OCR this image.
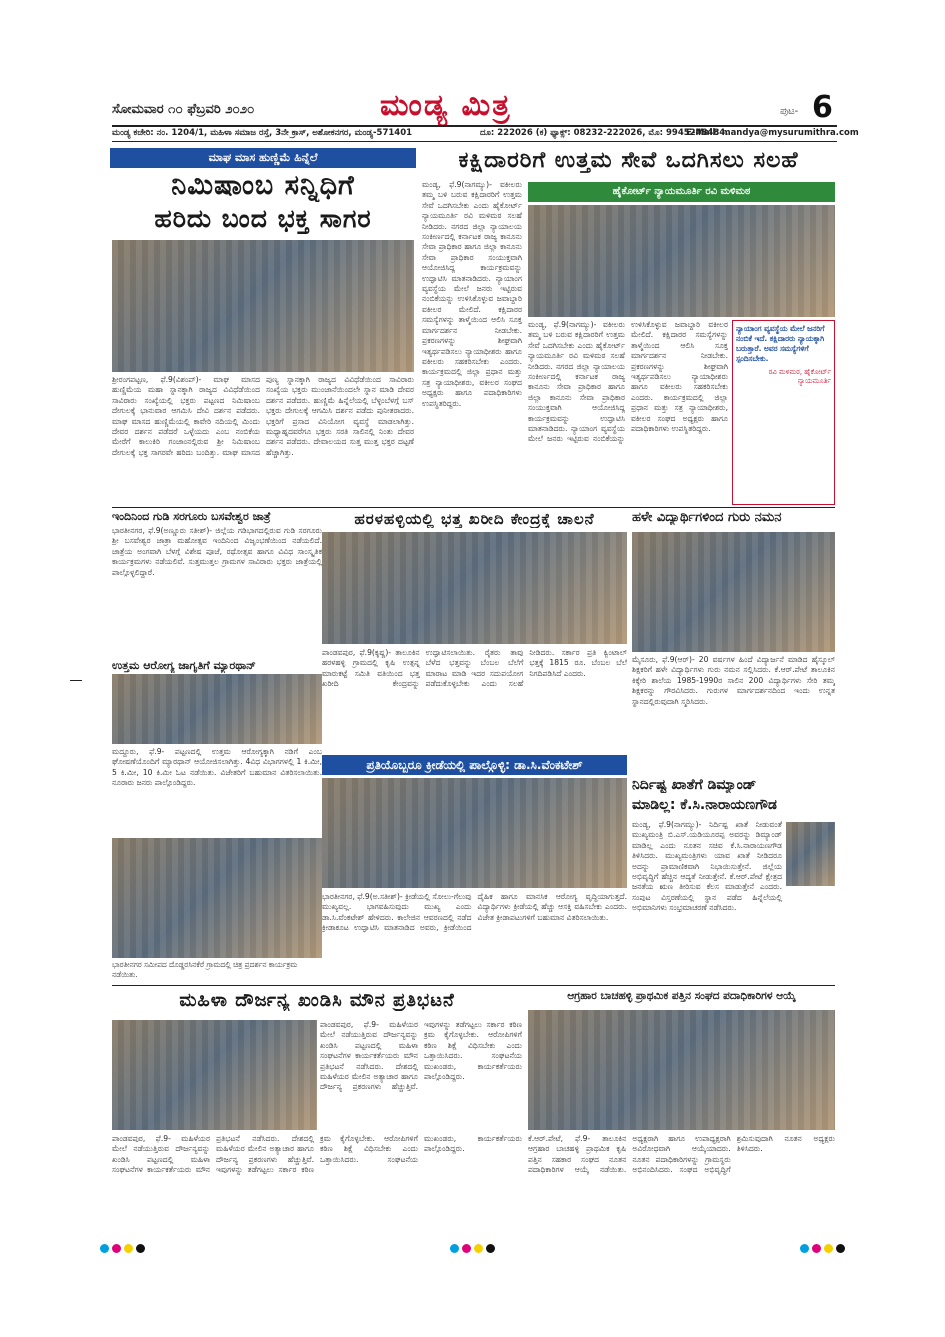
ಸೋಮವಾರ ೧೦ ಫೆಬ್ರವರಿ ೨೦೨೦	ಮಂಡ್ಯ ಮಿತ್ರ	ಪುಟ- 6
ಮಂಡ್ಯ ಕಚೇರಿ: ನಂ. 1204/1, ಮಹಿಳಾ ಸಮಾಜ ರಸ್ತೆ, 3ನೇ ಕ್ರಾಸ್, ಅಶೋಕನಗರ, ಮಂಡ್ಯ-571401	ದೂ: 222026 (ಕ) ಫ್ಯಾಕ್ಸ್: 08232-222026, ಮೊ: 9945248484.
E-Mail: mandya@mysurumithra.com
ಮಾಘ ಮಾಸ ಹುಣ್ಣಿಮೆ ಹಿನ್ನೆಲೆ
ನಿಮಿಷಾಂಬ ಸನ್ನಿಧಿಗೆ
ಹರಿದು ಬಂದ ಭಕ್ತ ಸಾಗರ
ಶ್ರೀರಂಗಪಟ್ಟಣ, ಫೆ.9(ವಿಶಂಪ್)- ಮಾಘ ಮಾಸದ ಹುಣ್ಣಿಮೆಯ ಮಹಾ ಸ್ನಾನಕ್ಕಾಗಿ ರಾಜ್ಯದ ವಿವಿಧೆಡೆಯಿಂದ ಸಾವಿರಾರು ಸಂಖ್ಯೆಯಲ್ಲಿ ಭಕ್ತರು ಪಟ್ಟಣದ ನಿಮಿಷಾಂಬ ದೇಗುಲಕ್ಕೆ ಭಾನುವಾರ ಆಗಮಿಸಿ ದೇವಿ ದರ್ಶನ ಪಡೆದರು. ಮಾಘ ಮಾಸದ ಹುಣ್ಣಿಮೆಯಲ್ಲಿ ಕಾವೇರಿ ನದಿಯಲ್ಲಿ ಮಿಂದು ದೇವರ ದರ್ಶನ ಪಡೆದರೆ ಒಳ್ಳೆಯದು ಎಂಬ ನಂಬಿಕೆಯ ಮೇರೆಗೆ ಕಾಲುಕಿರಿ ಗಂಜಾಂನಲ್ಲಿರುವ ಶ್ರೀ ನಿಮಿಷಾಂಬ ದೇಗುಲಕ್ಕೆ ಭಕ್ತ ಸಾಗರವೇ ಹರಿದು ಬಂದಿತ್ತು. ಮಾಘ ಮಾಸದ ಪುಣ್ಯ ಸ್ನಾನಕ್ಕಾಗಿ ರಾಜ್ಯದ ವಿವಿಧೆಡೆಯಿಂದ ಸಾವಿರಾರು ಸಂಖ್ಯೆಯ ಭಕ್ತರು ಮುಂಜಾನೆಯಿಂದಲೇ ಸ್ನಾನ ಮಾಡಿ ದೇವರ ದರ್ಶನ ಪಡೆದರು. ಹುಣ್ಣಿಮೆ ಹಿನ್ನೆಲೆಯಲ್ಲಿ ಬೆಳ್ಳಂಬೆಳಗ್ಗೆ ಬಸ್ ಭಕ್ತರು ದೇಗುಲಕ್ಕೆ ಆಗಮಿಸಿ ದರ್ಶನ ಪಡೆದು ಪುನೀತರಾದರು. ಭಕ್ತರಿಗೆ ಪ್ರಸಾದ ವಿನಿಯೋಗ ವ್ಯವಸ್ಥೆ ಮಾಡಲಾಗಿತ್ತು. ಮಧ್ಯಾಹ್ನದವರೆಗೂ ಭಕ್ತರು ಸರತಿ ಸಾಲಿನಲ್ಲಿ ನಿಂತು ದೇವರ ದರ್ಶನ ಪಡೆದರು. ದೇವಾಲಯದ ಸುತ್ತ ಮುತ್ತ ಭಕ್ತರ ದಟ್ಟಣೆ ಹೆಚ್ಚಾಗಿತ್ತು.
ಕಕ್ಷಿದಾರರಿಗೆ ಉತ್ತಮ ಸೇವೆ ಒದಗಿಸಲು ಸಲಹೆ
ಮಂಡ್ಯ, ಫೆ.9(ನಾಗಮ್ಯು)- ವಕೀಲರು ತಮ್ಮ ಬಳಿ ಬರುವ ಕಕ್ಷಿದಾರರಿಗೆ ಉತ್ತಮ ಸೇವೆ ಒದಗಿಸಬೇಕು ಎಂದು ಹೈಕೋರ್ಟ್ ನ್ಯಾಯಮೂರ್ತಿ ರವಿ ಮಳಿಮಠ ಸಲಹೆ ನೀಡಿದರು. ನಗರದ ಜಿಲ್ಲಾ ನ್ಯಾಯಾಲಯ ಸಂಕೀರ್ಣದಲ್ಲಿ ಕರ್ನಾಟಕ ರಾಜ್ಯ ಕಾನೂನು ಸೇವಾ ಪ್ರಾಧಿಕಾರ ಹಾಗೂ ಜಿಲ್ಲಾ ಕಾನೂನು ಸೇವಾ ಪ್ರಾಧಿಕಾರ ಸಂಯುಕ್ತವಾಗಿ ಆಯೋಜಿಸಿದ್ದ ಕಾರ್ಯಕ್ರಮವನ್ನು ಉದ್ಘಾಟಿಸಿ ಮಾತನಾಡಿದರು. ನ್ಯಾಯಾಂಗ ವ್ಯವಸ್ಥೆಯ ಮೇಲೆ ಜನರು ಇಟ್ಟಿರುವ ನಂಬಿಕೆಯನ್ನು ಉಳಿಸಿಕೊಳ್ಳುವ ಜವಾಬ್ದಾರಿ ವಕೀಲರ ಮೇಲಿದೆ. ಕಕ್ಷಿದಾರರ ಸಮಸ್ಯೆಗಳನ್ನು ತಾಳ್ಮೆಯಿಂದ ಆಲಿಸಿ ಸೂಕ್ತ ಮಾರ್ಗದರ್ಶನ ನೀಡಬೇಕು. ಪ್ರಕರಣಗಳನ್ನು ಶೀಘ್ರವಾಗಿ ಇತ್ಯರ್ಥಪಡಿಸಲು ನ್ಯಾಯಾಧೀಶರು ಹಾಗೂ ವಕೀಲರು ಸಹಕರಿಸಬೇಕು ಎಂದರು. ಕಾರ್ಯಕ್ರಮದಲ್ಲಿ ಜಿಲ್ಲಾ ಪ್ರಧಾನ ಮತ್ತು ಸತ್ರ ನ್ಯಾಯಾಧೀಶರು, ವಕೀಲರ ಸಂಘದ ಅಧ್ಯಕ್ಷರು ಹಾಗೂ ಪದಾಧಿಕಾರಿಗಳು ಉಪಸ್ಥಿತರಿದ್ದರು.
ಹೈಕೋರ್ಟ್ ನ್ಯಾಯಮೂರ್ತಿ ರವಿ ಮಳಿಮಠ
ಮಂಡ್ಯ, ಫೆ.9(ನಾಗಮ್ಯು)- ವಕೀಲರು ತಮ್ಮ ಬಳಿ ಬರುವ ಕಕ್ಷಿದಾರರಿಗೆ ಉತ್ತಮ ಸೇವೆ ಒದಗಿಸಬೇಕು ಎಂದು ಹೈಕೋರ್ಟ್ ನ್ಯಾಯಮೂರ್ತಿ ರವಿ ಮಳಿಮಠ ಸಲಹೆ ನೀಡಿದರು. ನಗರದ ಜಿಲ್ಲಾ ನ್ಯಾಯಾಲಯ ಸಂಕೀರ್ಣದಲ್ಲಿ ಕರ್ನಾಟಕ ರಾಜ್ಯ ಕಾನೂನು ಸೇವಾ ಪ್ರಾಧಿಕಾರ ಹಾಗೂ ಜಿಲ್ಲಾ ಕಾನೂನು ಸೇವಾ ಪ್ರಾಧಿಕಾರ ಸಂಯುಕ್ತವಾಗಿ ಆಯೋಜಿಸಿದ್ದ ಕಾರ್ಯಕ್ರಮವನ್ನು ಉದ್ಘಾಟಿಸಿ ಮಾತನಾಡಿದರು. ನ್ಯಾಯಾಂಗ ವ್ಯವಸ್ಥೆಯ ಮೇಲೆ ಜನರು ಇಟ್ಟಿರುವ ನಂಬಿಕೆಯನ್ನು ಉಳಿಸಿಕೊಳ್ಳುವ ಜವಾಬ್ದಾರಿ ವಕೀಲರ ಮೇಲಿದೆ. ಕಕ್ಷಿದಾರರ ಸಮಸ್ಯೆಗಳನ್ನು ತಾಳ್ಮೆಯಿಂದ ಆಲಿಸಿ ಸೂಕ್ತ ಮಾರ್ಗದರ್ಶನ ನೀಡಬೇಕು. ಪ್ರಕರಣಗಳನ್ನು ಶೀಘ್ರವಾಗಿ ಇತ್ಯರ್ಥಪಡಿಸಲು ನ್ಯಾಯಾಧೀಶರು ಹಾಗೂ ವಕೀಲರು ಸಹಕರಿಸಬೇಕು ಎಂದರು. ಕಾರ್ಯಕ್ರಮದಲ್ಲಿ ಜಿಲ್ಲಾ ಪ್ರಧಾನ ಮತ್ತು ಸತ್ರ ನ್ಯಾಯಾಧೀಶರು, ವಕೀಲರ ಸಂಘದ ಅಧ್ಯಕ್ಷರು ಹಾಗೂ ಪದಾಧಿಕಾರಿಗಳು ಉಪಸ್ಥಿತರಿದ್ದರು.
ನ್ಯಾಯಾಂಗ ವ್ಯವಸ್ಥೆಯ ಮೇಲೆ ಜನರಿಗೆ ನಂಬಿಕೆ ಇದೆ. ಕಕ್ಷಿದಾರರು ನ್ಯಾಯಕ್ಕಾಗಿ ಬರುತ್ತಾರೆ. ಅವರ ಸಮಸ್ಯೆಗಳಿಗೆ ಸ್ಪಂದಿಸಬೇಕು.
ರವಿ ಮಳಿಮಠ, ಹೈಕೋರ್ಟ್ ನ್ಯಾಯಮೂರ್ತಿ
ಇಂದಿನಿಂದ ಗುಡಿ ಸರಗೂರು ಬಸವೇಶ್ವರ ಜಾತ್ರೆ
ಭಾರತೀನಗರ, ಫೆ.9(ಅಣ್ಣೂರು ಸತೀಶ್)- ಜಿಲ್ಲೆಯ ಗಡಿಭಾಗದಲ್ಲಿರುವ ಗುಡಿ ಸರಗೂರು ಶ್ರೀ ಬಸವೇಶ್ವರ ಜಾತ್ರಾ ಮಹೋತ್ಸವ ಇಂದಿನಿಂದ ವಿಜೃಂಭಣೆಯಿಂದ ನಡೆಯಲಿದೆ. ಜಾತ್ರೆಯ ಅಂಗವಾಗಿ ಬೆಳಗ್ಗೆ ವಿಶೇಷ ಪೂಜೆ, ರಥೋತ್ಸವ ಹಾಗೂ ವಿವಿಧ ಸಾಂಸ್ಕೃತಿಕ ಕಾರ್ಯಕ್ರಮಗಳು ನಡೆಯಲಿವೆ. ಸುತ್ತಮುತ್ತಲ ಗ್ರಾಮಗಳ ಸಾವಿರಾರು ಭಕ್ತರು ಜಾತ್ರೆಯಲ್ಲಿ ಪಾಲ್ಗೊಳ್ಳಲಿದ್ದಾರೆ.
ಹರಳಹಳ್ಳಿಯಲ್ಲಿ ಭತ್ತ ಖರೀದಿ ಕೇಂದ್ರಕ್ಕೆ ಚಾಲನೆ
ಪಾಂಡವಪುರ, ಫೆ.9(ಕೃಷ್ಣ)- ತಾಲೂಕಿನ ಹರಳಹಳ್ಳಿ ಗ್ರಾಮದಲ್ಲಿ ಕೃಷಿ ಉತ್ಪನ್ನ ಮಾರುಕಟ್ಟೆ ಸಮಿತಿ ವತಿಯಿಂದ ಭತ್ತ ಖರೀದಿ ಕೇಂದ್ರವನ್ನು ಉದ್ಘಾಟಿಸಲಾಯಿತು. ರೈತರು ತಾವು ಬೆಳೆದ ಭತ್ತವನ್ನು ಬೆಂಬಲ ಬೆಲೆಗೆ ಮಾರಾಟ ಮಾಡಿ ಇದರ ಸದುಪಯೋಗ ಪಡೆದುಕೊಳ್ಳಬೇಕು ಎಂದು ಸಲಹೆ ನೀಡಿದರು. ಸರ್ಕಾರ ಪ್ರತಿ ಕ್ವಿಂಟಾಲ್ ಭತ್ತಕ್ಕೆ 1815 ರೂ. ಬೆಂಬಲ ಬೆಲೆ ನಿಗದಿಪಡಿಸಿದೆ ಎಂದರು.
ಹಳೇ ವಿದ್ಯಾರ್ಥಿಗಳಿಂದ ಗುರು ನಮನ
ಮೈಸೂರು, ಫೆ.9(ಆರ್)- 20 ವರ್ಷಗಳ ಹಿಂದೆ ವಿದ್ಯಾರ್ಜನೆ ಮಾಡಿದ ಹೈಸ್ಕೂಲ್ ಶಿಕ್ಷಕರಿಗೆ ಹಳೇ ವಿದ್ಯಾರ್ಥಿಗಳು ಗುರು ನಮನ ಸಲ್ಲಿಸಿದರು. ಕೆ.ಆರ್.ಪೇಟೆ ತಾಲೂಕಿನ ಕಿಕ್ಕೇರಿ ಶಾಲೆಯ 1985-1990ರ ಸಾಲಿನ 200 ವಿದ್ಯಾರ್ಥಿಗಳು ಸೇರಿ ತಮ್ಮ ಶಿಕ್ಷಕರನ್ನು ಗೌರವಿಸಿದರು. ಗುರುಗಳ ಮಾರ್ಗದರ್ಶನದಿಂದ ಇಂದು ಉನ್ನತ ಸ್ಥಾನದಲ್ಲಿರುವುದಾಗಿ ಸ್ಮರಿಸಿದರು.
ಉತ್ತಮ ಆರೋಗ್ಯ ಜಾಗೃತಿಗೆ ಮ್ಯಾರಥಾನ್
ಮದ್ದೂರು, ಫೆ.9- ಪಟ್ಟಣದಲ್ಲಿ ಉತ್ತಮ ಆರೋಗ್ಯಕ್ಕಾಗಿ ನಡಿಗೆ ಎಂಬ ಘೋಷಣೆಯೊಂದಿಗೆ ಮ್ಯಾರಥಾನ್ ಆಯೋಜಿಸಲಾಗಿತ್ತು. 4ವಿಧ ವಿಭಾಗಗಳಲ್ಲಿ 1 ಕಿ.ಮೀ, 5 ಕಿ.ಮೀ, 10 ಕಿ.ಮೀ ಓಟ ನಡೆಯಿತು. ವಿಜೇತರಿಗೆ ಬಹುಮಾನ ವಿತರಿಸಲಾಯಿತು. ನೂರಾರು ಜನರು ಪಾಲ್ಗೊಂಡಿದ್ದರು.
ಭಾರತೀನಗರ ಸಮೀಪದ ದೊಡ್ಡರಸಿನಕೆರೆ ಗ್ರಾಮದಲ್ಲಿ ಚಿತ್ರ ಪ್ರದರ್ಶನ ಕಾರ್ಯಕ್ರಮ ನಡೆಯಿತು.
ಪ್ರತಿಯೊಬ್ಬರೂ ಕ್ರೀಡೆಯಲ್ಲಿ ಪಾಲ್ಗೊಳ್ಳಿ: ಡಾ.ಸಿ.ವೆಂಕಟೇಶ್
ಭಾರತೀನಗರ, ಫೆ.9(ಅ.ಸತೀಶ್)- ಕ್ರೀಡೆಯಲ್ಲಿ ಸೋಲು-ಗೆಲುವು ಮುಖ್ಯವಲ್ಲ. ಭಾಗವಹಿಸುವುದು ಮುಖ್ಯ ಎಂದು ಡಾ.ಸಿ.ವೆಂಕಟೇಶ್ ಹೇಳಿದರು. ಕಾಲೇಜಿನ ಆವರಣದಲ್ಲಿ ನಡೆದ ಕ್ರೀಡಾಕೂಟ ಉದ್ಘಾಟಿಸಿ ಮಾತನಾಡಿದ ಅವರು, ಕ್ರೀಡೆಯಿಂದ ದೈಹಿಕ ಹಾಗೂ ಮಾನಸಿಕ ಆರೋಗ್ಯ ವೃದ್ಧಿಯಾಗುತ್ತದೆ. ವಿದ್ಯಾರ್ಥಿಗಳು ಕ್ರೀಡೆಯಲ್ಲಿ ಹೆಚ್ಚು ಆಸಕ್ತಿ ವಹಿಸಬೇಕು ಎಂದರು. ವಿಜೇತ ಕ್ರೀಡಾಪಟುಗಳಿಗೆ ಬಹುಮಾನ ವಿತರಿಸಲಾಯಿತು.
ನಿರ್ದಿಷ್ಟ ಖಾತೆಗೆ ಡಿಮ್ಯಾಂಡ್
ಮಾಡಿಲ್ಲ: ಕೆ.ಸಿ.ನಾರಾಯಣಗೌಡ
ಮಂಡ್ಯ, ಫೆ.9(ನಾಗಮ್ಯು)- ನಿರ್ದಿಷ್ಟ ಖಾತೆ ನೀಡುವಂತೆ ಮುಖ್ಯಮಂತ್ರಿ ಬಿ.ಎಸ್.ಯಡಿಯೂರಪ್ಪ ಅವರನ್ನು ಡಿಮ್ಯಾಂಡ್ ಮಾಡಿಲ್ಲ ಎಂದು ನೂತನ ಸಚಿವ ಕೆ.ಸಿ.ನಾರಾಯಣಗೌಡ ತಿಳಿಸಿದರು. ಮುಖ್ಯಮಂತ್ರಿಗಳು ಯಾವ ಖಾತೆ ನೀಡಿದರೂ ಅದನ್ನು ಪ್ರಾಮಾಣಿಕವಾಗಿ ನಿಭಾಯಿಸುತ್ತೇನೆ. ಜಿಲ್ಲೆಯ ಅಭಿವೃದ್ಧಿಗೆ ಹೆಚ್ಚಿನ ಆದ್ಯತೆ ನೀಡುತ್ತೇನೆ. ಕೆ.ಆರ್.ಪೇಟೆ ಕ್ಷೇತ್ರದ ಜನತೆಯ ಋಣ ತೀರಿಸುವ ಕೆಲಸ ಮಾಡುತ್ತೇನೆ ಎಂದರು. ಸಂಪುಟ ವಿಸ್ತರಣೆಯಲ್ಲಿ ಸ್ಥಾನ ಪಡೆದ ಹಿನ್ನೆಲೆಯಲ್ಲಿ ಅಭಿಮಾನಿಗಳು ಸಂಭ್ರಮಾಚರಣೆ ನಡೆಸಿದರು.
ಮಹಿಳಾ ದೌರ್ಜನ್ಯ ಖಂಡಿಸಿ ಮೌನ ಪ್ರತಿಭಟನೆ
ಪಾಂಡವಪುರ, ಫೆ.9- ಮಹಿಳೆಯರ ಮೇಲೆ ನಡೆಯುತ್ತಿರುವ ದೌರ್ಜನ್ಯವನ್ನು ಖಂಡಿಸಿ ಪಟ್ಟಣದಲ್ಲಿ ಮಹಿಳಾ ಸಂಘಟನೆಗಳ ಕಾರ್ಯಕರ್ತೆಯರು ಮೌನ ಪ್ರತಿಭಟನೆ ನಡೆಸಿದರು. ದೇಶದಲ್ಲಿ ಮಹಿಳೆಯರ ಮೇಲಿನ ಅತ್ಯಾಚಾರ ಹಾಗೂ ದೌರ್ಜನ್ಯ ಪ್ರಕರಣಗಳು ಹೆಚ್ಚುತ್ತಿವೆ. ಇವುಗಳನ್ನು ತಡೆಗಟ್ಟಲು ಸರ್ಕಾರ ಕಠಿಣ ಕ್ರಮ ಕೈಗೊಳ್ಳಬೇಕು. ಆರೋಪಿಗಳಿಗೆ ಕಠಿಣ ಶಿಕ್ಷೆ ವಿಧಿಸಬೇಕು ಎಂದು ಒತ್ತಾಯಿಸಿದರು. ಸಂಘಟನೆಯ ಮುಖಂಡರು, ಕಾರ್ಯಕರ್ತೆಯರು ಪಾಲ್ಗೊಂಡಿದ್ದರು.
ಪಾಂಡವಪುರ, ಫೆ.9- ಮಹಿಳೆಯರ ಮೇಲೆ ನಡೆಯುತ್ತಿರುವ ದೌರ್ಜನ್ಯವನ್ನು ಖಂಡಿಸಿ ಪಟ್ಟಣದಲ್ಲಿ ಮಹಿಳಾ ಸಂಘಟನೆಗಳ ಕಾರ್ಯಕರ್ತೆಯರು ಮೌನ ಪ್ರತಿಭಟನೆ ನಡೆಸಿದರು. ದೇಶದಲ್ಲಿ ಮಹಿಳೆಯರ ಮೇಲಿನ ಅತ್ಯಾಚಾರ ಹಾಗೂ ದೌರ್ಜನ್ಯ ಪ್ರಕರಣಗಳು ಹೆಚ್ಚುತ್ತಿವೆ. ಇವುಗಳನ್ನು ತಡೆಗಟ್ಟಲು ಸರ್ಕಾರ ಕಠಿಣ ಕ್ರಮ ಕೈಗೊಳ್ಳಬೇಕು. ಆರೋಪಿಗಳಿಗೆ ಕಠಿಣ ಶಿಕ್ಷೆ ವಿಧಿಸಬೇಕು ಎಂದು ಒತ್ತಾಯಿಸಿದರು. ಸಂಘಟನೆಯ ಮುಖಂಡರು, ಕಾರ್ಯಕರ್ತೆಯರು ಪಾಲ್ಗೊಂಡಿದ್ದರು.
ಆಗ್ರಹಾರ ಬಾಚಹಳ್ಳಿ ಪ್ರಾಥಮಿಕ ಪತ್ತಿನ ಸಂಘದ ಪದಾಧಿಕಾರಿಗಳ ಆಯ್ಕೆ
ಕೆ.ಆರ್.ಪೇಟೆ, ಫೆ.9- ತಾಲೂಕಿನ ಆಗ್ರಹಾರ ಬಾಚಹಳ್ಳಿ ಪ್ರಾಥಮಿಕ ಕೃಷಿ ಪತ್ತಿನ ಸಹಕಾರ ಸಂಘದ ನೂತನ ಪದಾಧಿಕಾರಿಗಳ ಆಯ್ಕೆ ನಡೆಯಿತು. ಅಧ್ಯಕ್ಷರಾಗಿ ಹಾಗೂ ಉಪಾಧ್ಯಕ್ಷರಾಗಿ ಅವಿರೋಧವಾಗಿ ಆಯ್ಕೆಯಾದರು. ನೂತನ ಪದಾಧಿಕಾರಿಗಳನ್ನು ಗ್ರಾಮಸ್ಥರು ಅಭಿನಂದಿಸಿದರು. ಸಂಘದ ಅಭಿವೃದ್ಧಿಗೆ ಶ್ರಮಿಸುವುದಾಗಿ ನೂತನ ಅಧ್ಯಕ್ಷರು ತಿಳಿಸಿದರು.
